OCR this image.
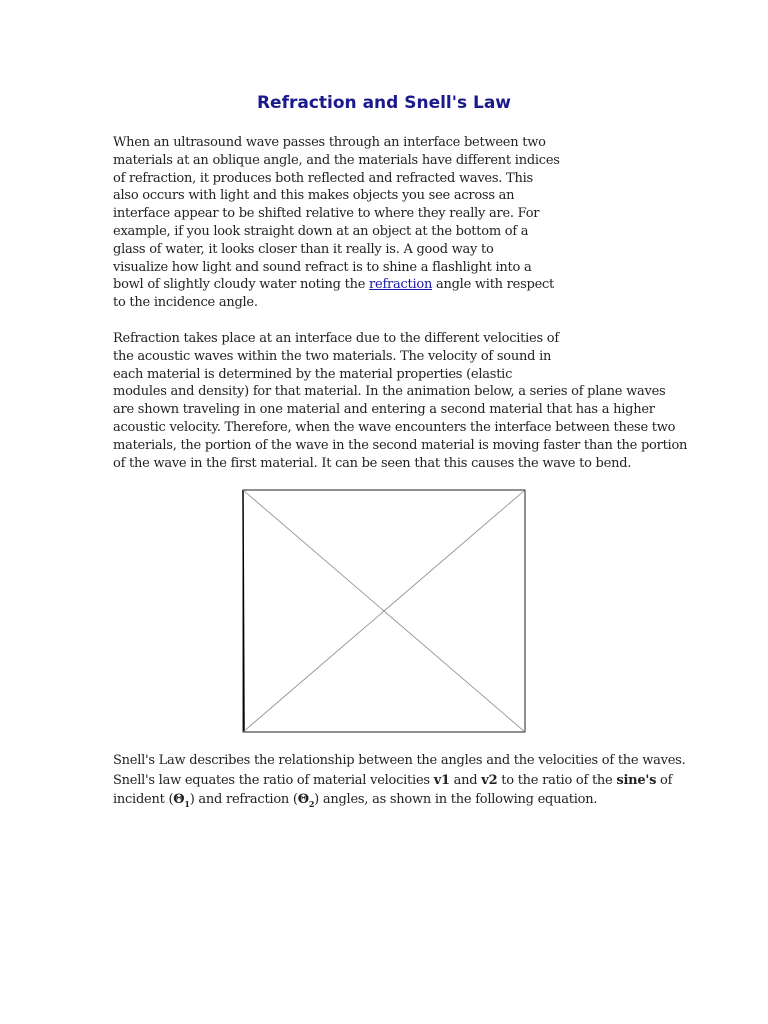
Refraction and Snell's Law

When an ultrasound wave passes through an interface between two
materials at an oblique angle, and the materials have different indices
of refraction, it produces both reflected and refracted waves. This
also occurs with light and this makes objects you see across an
interface appear to be shifted relative to where they really are. For
example, if you look straight down at an object at the bottom of a
glass of water, it looks closer than it really is. A good way to
visualize how light and sound refract is to shine a flashlight into a
bowl of slightly cloudy water noting the refraction angle with respect
to the incidence angle.

Refraction takes place at an interface due to the different velocities of
the acoustic waves within the two materials. The velocity of sound in
each material is determined by the material properties (elastic
modules and density) for that material. In the animation below, a series of plane waves
are shown traveling in one material and entering a second material that has a higher
acoustic velocity. Therefore, when the wave encounters the interface between these two
materials, the portion of the wave in the second material is moving faster than the portion
of the wave in the first material. It can be seen that this causes the wave to bend.

Snell's Law describes the relationship between the angles and the velocities of the waves.
Snell's law equates the ratio of material velocities v1 and v2 to the ratio of the sine's of
incident $(\Theta_1)$ and refraction $(\Theta_2)$ angles, as shown in the following equation.
